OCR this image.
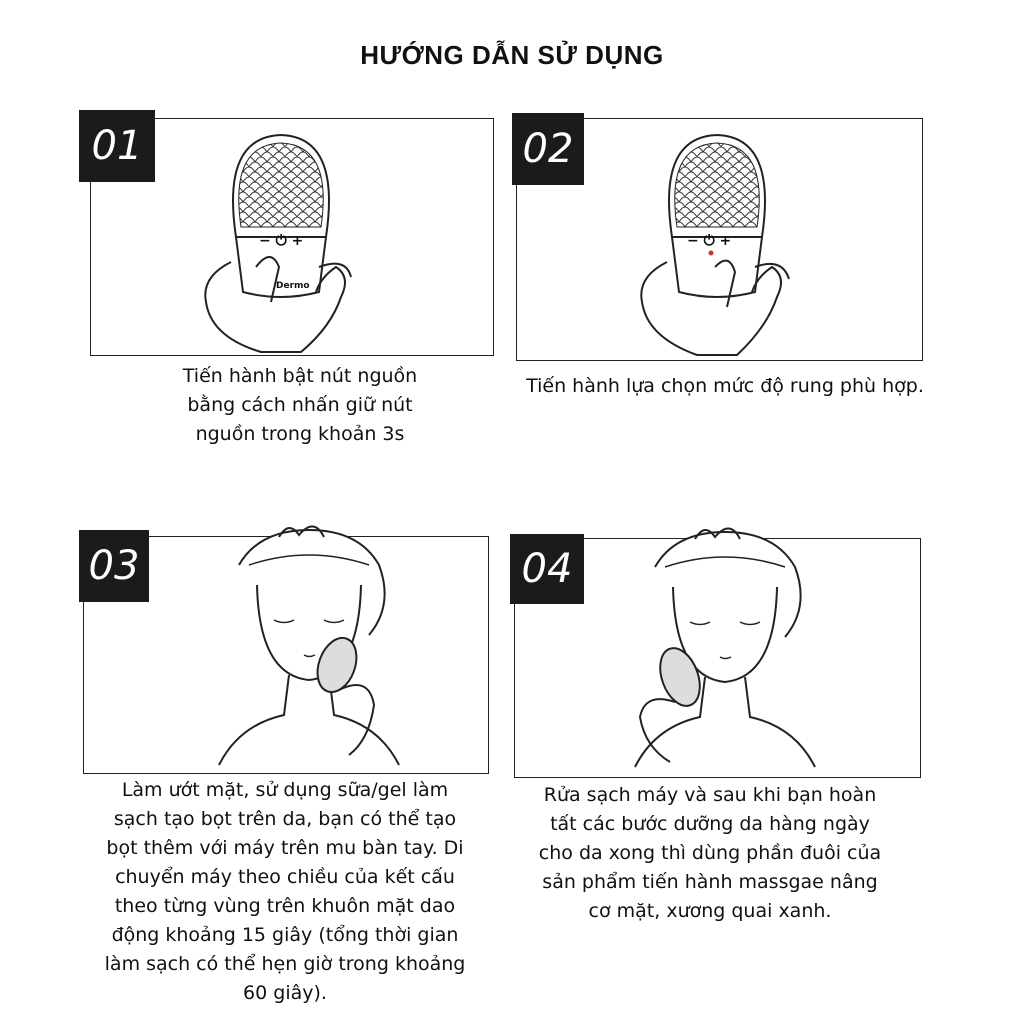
HƯỚNG DẪN SỬ DỤNG
− ⏻ +
Dermo
01
Tiến hành bật nút nguồn
bằng cách nhấn giữ nút
nguồn trong khoản 3s
− ⏻ +
02
Tiến hành lựa chọn mức độ rung phù hợp.
03
Làm ướt mặt, sử dụng sữa/gel làm
sạch tạo bọt trên da, bạn có thể tạo
bọt thêm với máy trên mu bàn tay. Di
chuyển máy theo chiều của kết cấu
theo từng vùng trên khuôn mặt dao
động khoảng 15 giây (tổng thời gian
làm sạch có thể hẹn giờ trong khoảng
60 giây).
04
Rửa sạch máy và sau khi bạn hoàn
tất các bước dưỡng da hàng ngày
cho da xong thì dùng phần đuôi của
sản phẩm tiến hành massgae nâng
cơ mặt, xương quai xanh.
